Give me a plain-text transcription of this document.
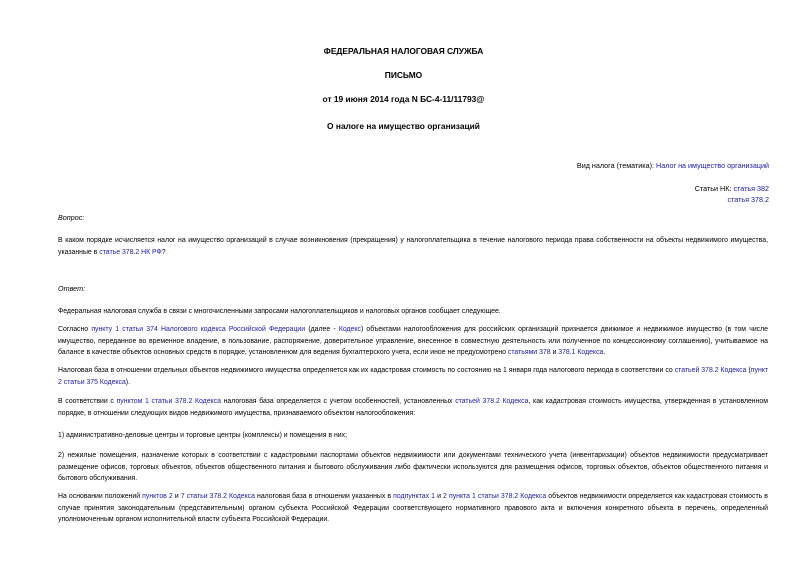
ФЕДЕРАЛЬНАЯ НАЛОГОВАЯ СЛУЖБА
ПИСЬМО
от 19 июня 2014 года N БС-4-11/11793@
О налоге на имущество организаций
Вид налога (тематика): Налог на имущество организаций
Статьи НК: статья 382
статья 378.2
Вопрос:
В каком порядке исчисляется налог на имущество организаций в случае возникновения (прекращения) у налогоплательщика в течение налогового периода права собственности на объекты недвижимого имущества, указанные в статье 378.2 НК РФ?
Ответ:
Федеральная налоговая служба в связи с многочисленными запросами налогоплательщиков и налоговых органов сообщает следующее.
Согласно пункту 1 статьи 374 Налогового кодекса Российской Федерации (далее - Кодекс) объектами налогообложения для российских организаций признается движимое и недвижимое имущество (в том числе имущество, переданное во временное владение, в пользование, распоряжение, доверительное управление, внесенное в совместную деятельность или полученное по концессионному соглашению), учитываемое на балансе в качестве объектов основных средств в порядке, установленном для ведения бухгалтерского учета, если иное не предусмотрено статьями 378 и 378.1 Кодекса.
Налоговая база в отношении отдельных объектов недвижимого имущества определяется как их кадастровая стоимость по состоянию на 1 января года налогового периода в соответствии со статьей 378.2 Кодекса (пункт 2 статьи 375 Кодекса).
В соответствии с пунктом 1 статьи 378.2 Кодекса налоговая база определяется с учетом особенностей, установленных статьей 378.2 Кодекса, как кадастровая стоимость имущества, утвержденная в установленном порядке, в отношении следующих видов недвижимого имущества, признаваемого объектом налогообложения:
1) административно-деловые центры и торговые центры (комплексы) и помещения в них;
2) нежилые помещения, назначение которых в соответствии с кадастровыми паспортами объектов недвижимости или документами технического учета (инвентаризации) объектов недвижимости предусматривает размещение офисов, торговых объектов, объектов общественного питания и бытового обслуживания либо фактически используются для размещения офисов, торговых объектов, объектов общественного питания и бытового обслуживания.
На основании положений пунктов 2 и 7 статьи 378.2 Кодекса налоговая база в отношении указанных в подпунктах 1 и 2 пункта 1 статьи 378.2 Кодекса объектов недвижимости определяется как кадастровая стоимость в случае принятия законодательным (представительным) органом субъекта Российской Федерации соответствующего нормативного правового акта и включения конкретного объекта в перечень, определенный уполномоченным органом исполнительной власти субъекта Российской Федерации.
